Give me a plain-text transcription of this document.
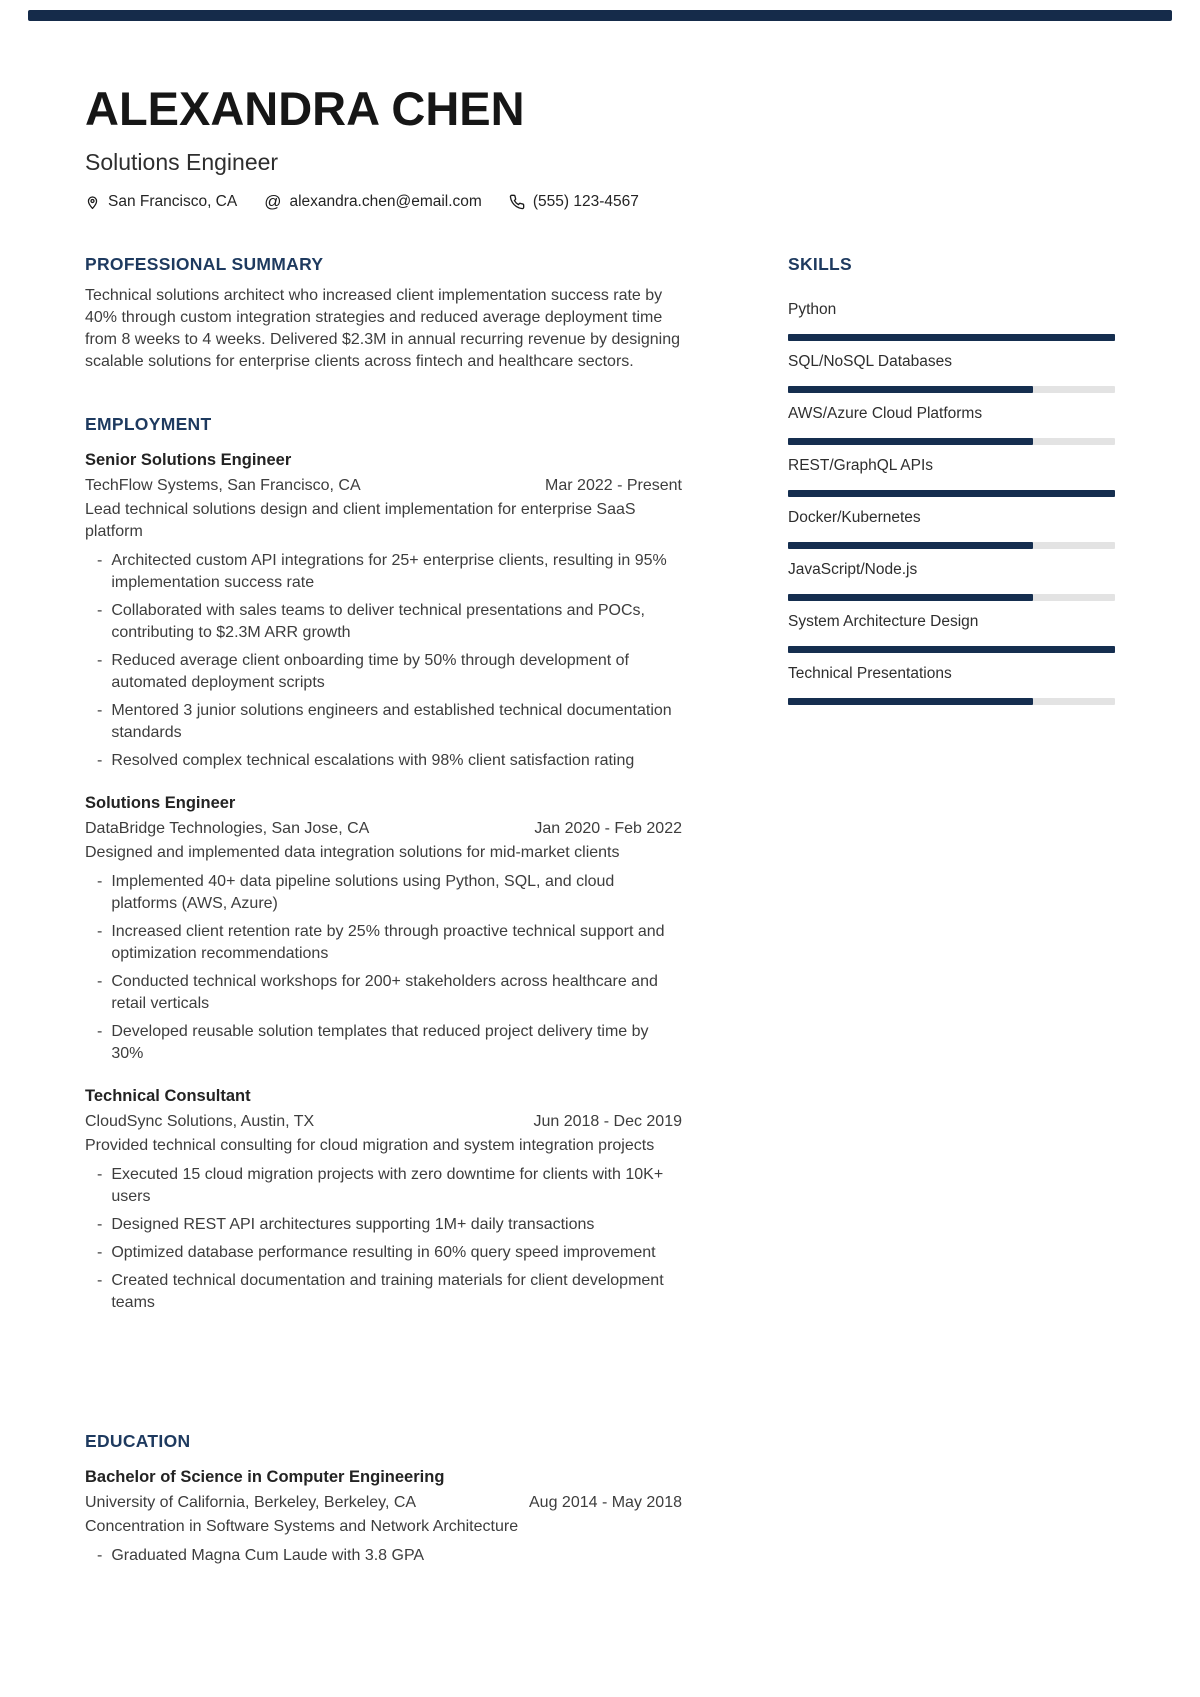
ALEXANDRA CHEN
Solutions Engineer
San Francisco, CA @ alexandra.chen@email.com	(555) 123-4567
PROFESSIONAL SUMMARY
Technical solutions architect who increased client implementation success rate by 40% through custom integration strategies and reduced average deployment time from 8 weeks to 4 weeks. Delivered $2.3M in annual recurring revenue by designing scalable solutions for enterprise clients across fintech and healthcare sectors.
EMPLOYMENT
Senior Solutions Engineer
TechFlow Systems, San Francisco, CA	Mar 2022 - Present
Lead technical solutions design and client implementation for enterprise SaaS platform
- Architected custom API integrations for 25+ enterprise clients, resulting in 95% implementation success rate
- Collaborated with sales teams to deliver technical presentations and POCs, contributing to $2.3M ARR growth
- Reduced average client onboarding time by 50% through development of automated deployment scripts
- Mentored 3 junior solutions engineers and established technical documentation standards
- Resolved complex technical escalations with 98% client satisfaction rating
Solutions Engineer
DataBridge Technologies, San Jose, CA	Jan 2020 - Feb 2022
Designed and implemented data integration solutions for mid-market clients
- Implemented 40+ data pipeline solutions using Python, SQL, and cloud platforms (AWS, Azure)
- Increased client retention rate by 25% through proactive technical support and optimization recommendations
- Conducted technical workshops for 200+ stakeholders across healthcare and retail verticals
- Developed reusable solution templates that reduced project delivery time by 30%
Technical Consultant
CloudSync Solutions, Austin, TX	Jun 2018 - Dec 2019
Provided technical consulting for cloud migration and system integration projects
- Executed 15 cloud migration projects with zero downtime for clients with 10K+ users
- Designed REST API architectures supporting 1M+ daily transactions
- Optimized database performance resulting in 60% query speed improvement
- Created technical documentation and training materials for client development teams
EDUCATION
Bachelor of Science in Computer Engineering
University of California, Berkeley, Berkeley, CA	Aug 2014 - May 2018
Concentration in Software Systems and Network Architecture
- Graduated Magna Cum Laude with 3.8 GPA
SKILLS
Python
SQL/NoSQL Databases
AWS/Azure Cloud Platforms
REST/GraphQL APIs
Docker/Kubernetes
JavaScript/Node.js
System Architecture Design
Technical Presentations
